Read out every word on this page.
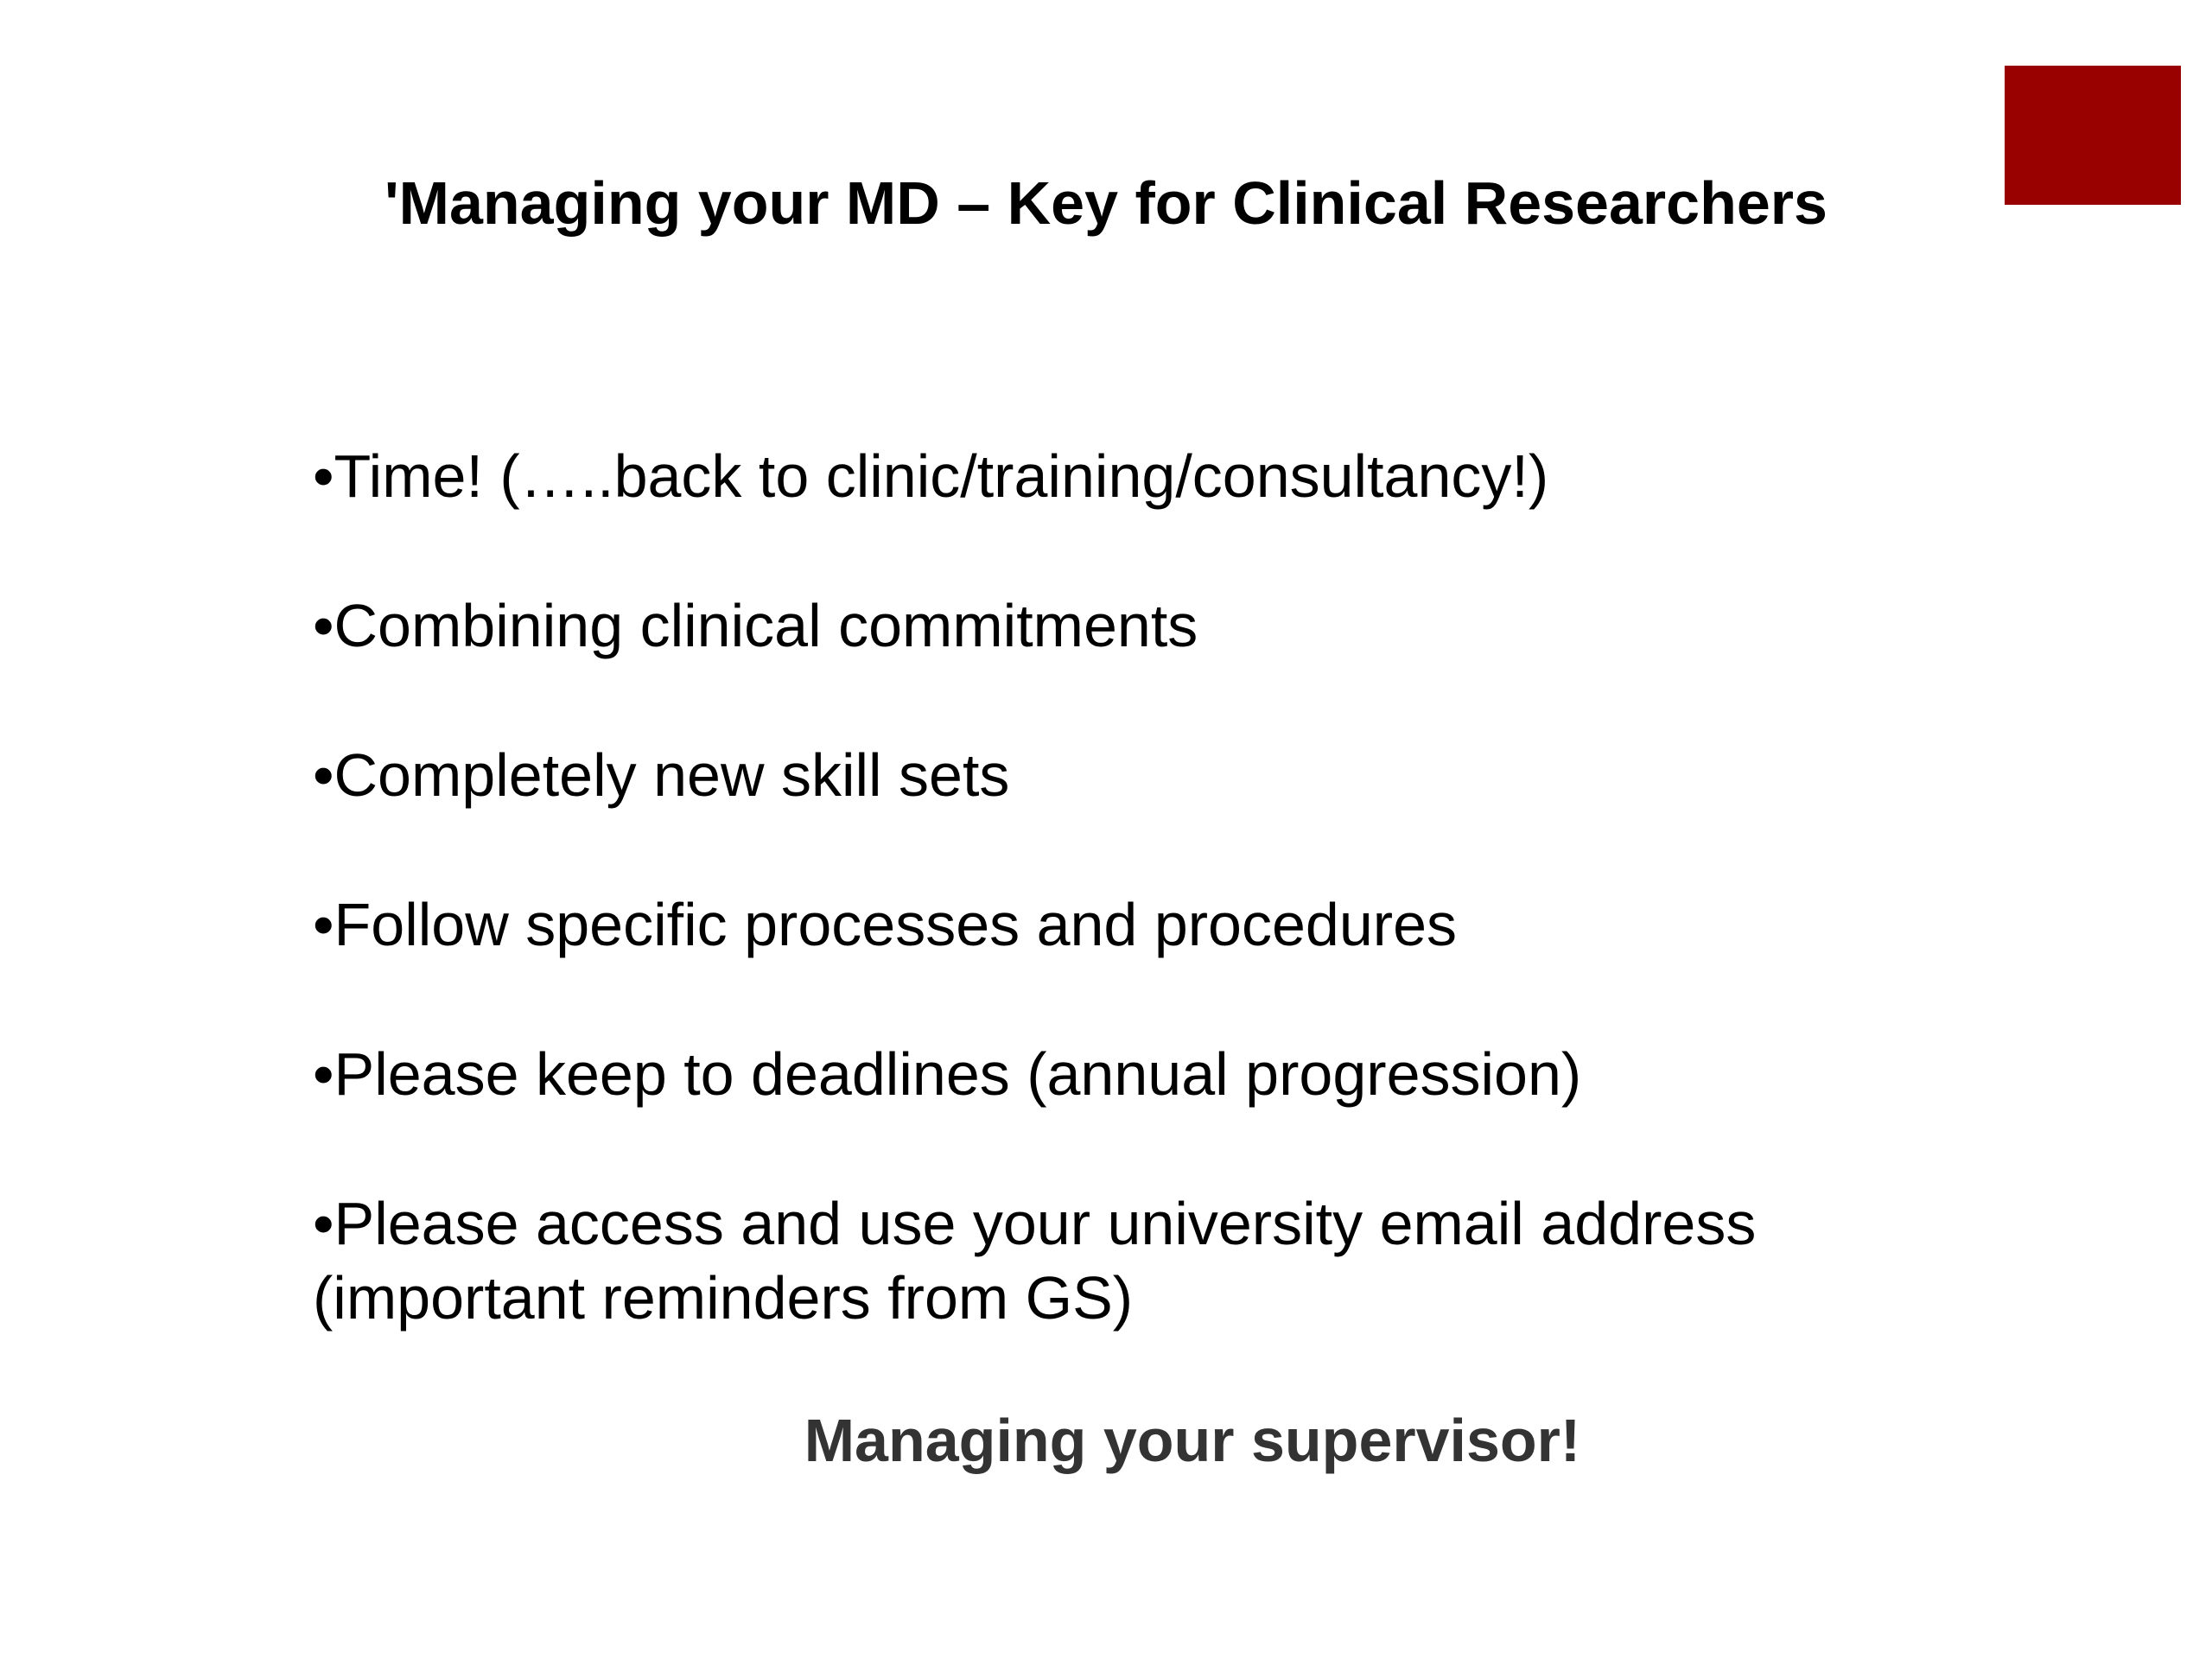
'Managing your MD – Key for Clinical Researchers
•Time! (…..back to clinic/training/consultancy!)
•Combining clinical commitments
•Completely new skill sets
•Follow specific processes and procedures
•Please keep to deadlines (annual progression)
•Please access and use your university email address (important reminders from GS)
Managing your supervisor!
